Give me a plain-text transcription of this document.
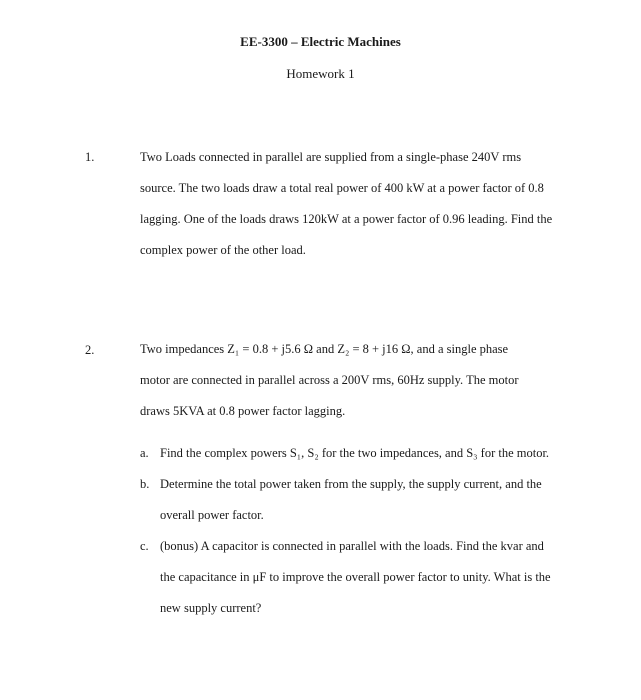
EE-3300 – Electric Machines
Homework 1
1.	Two Loads connected in parallel are supplied from a single-phase 240V rms
source. The two loads draw a total real power of 400 kW at a power factor of 0.8
lagging. One of the loads draws 120kW at a power factor of 0.96 leading. Find the
complex power of the other load.
2.	Two impedances Z₁ = 0.8 + j5.6 Ω and Z₂ = 8 + j16 Ω, and a single phase
motor are connected in parallel across a 200V rms, 60Hz supply. The motor
draws 5KVA at 0.8 power factor lagging.
a. Find the complex powers S₁, S₂ for the two impedances, and S₃ for the motor.
b. Determine the total power taken from the supply, the supply current, and the
overall power factor.
c. (bonus) A capacitor is connected in parallel with the loads. Find the kvar and
the capacitance in μF to improve the overall power factor to unity. What is the
new supply current?
